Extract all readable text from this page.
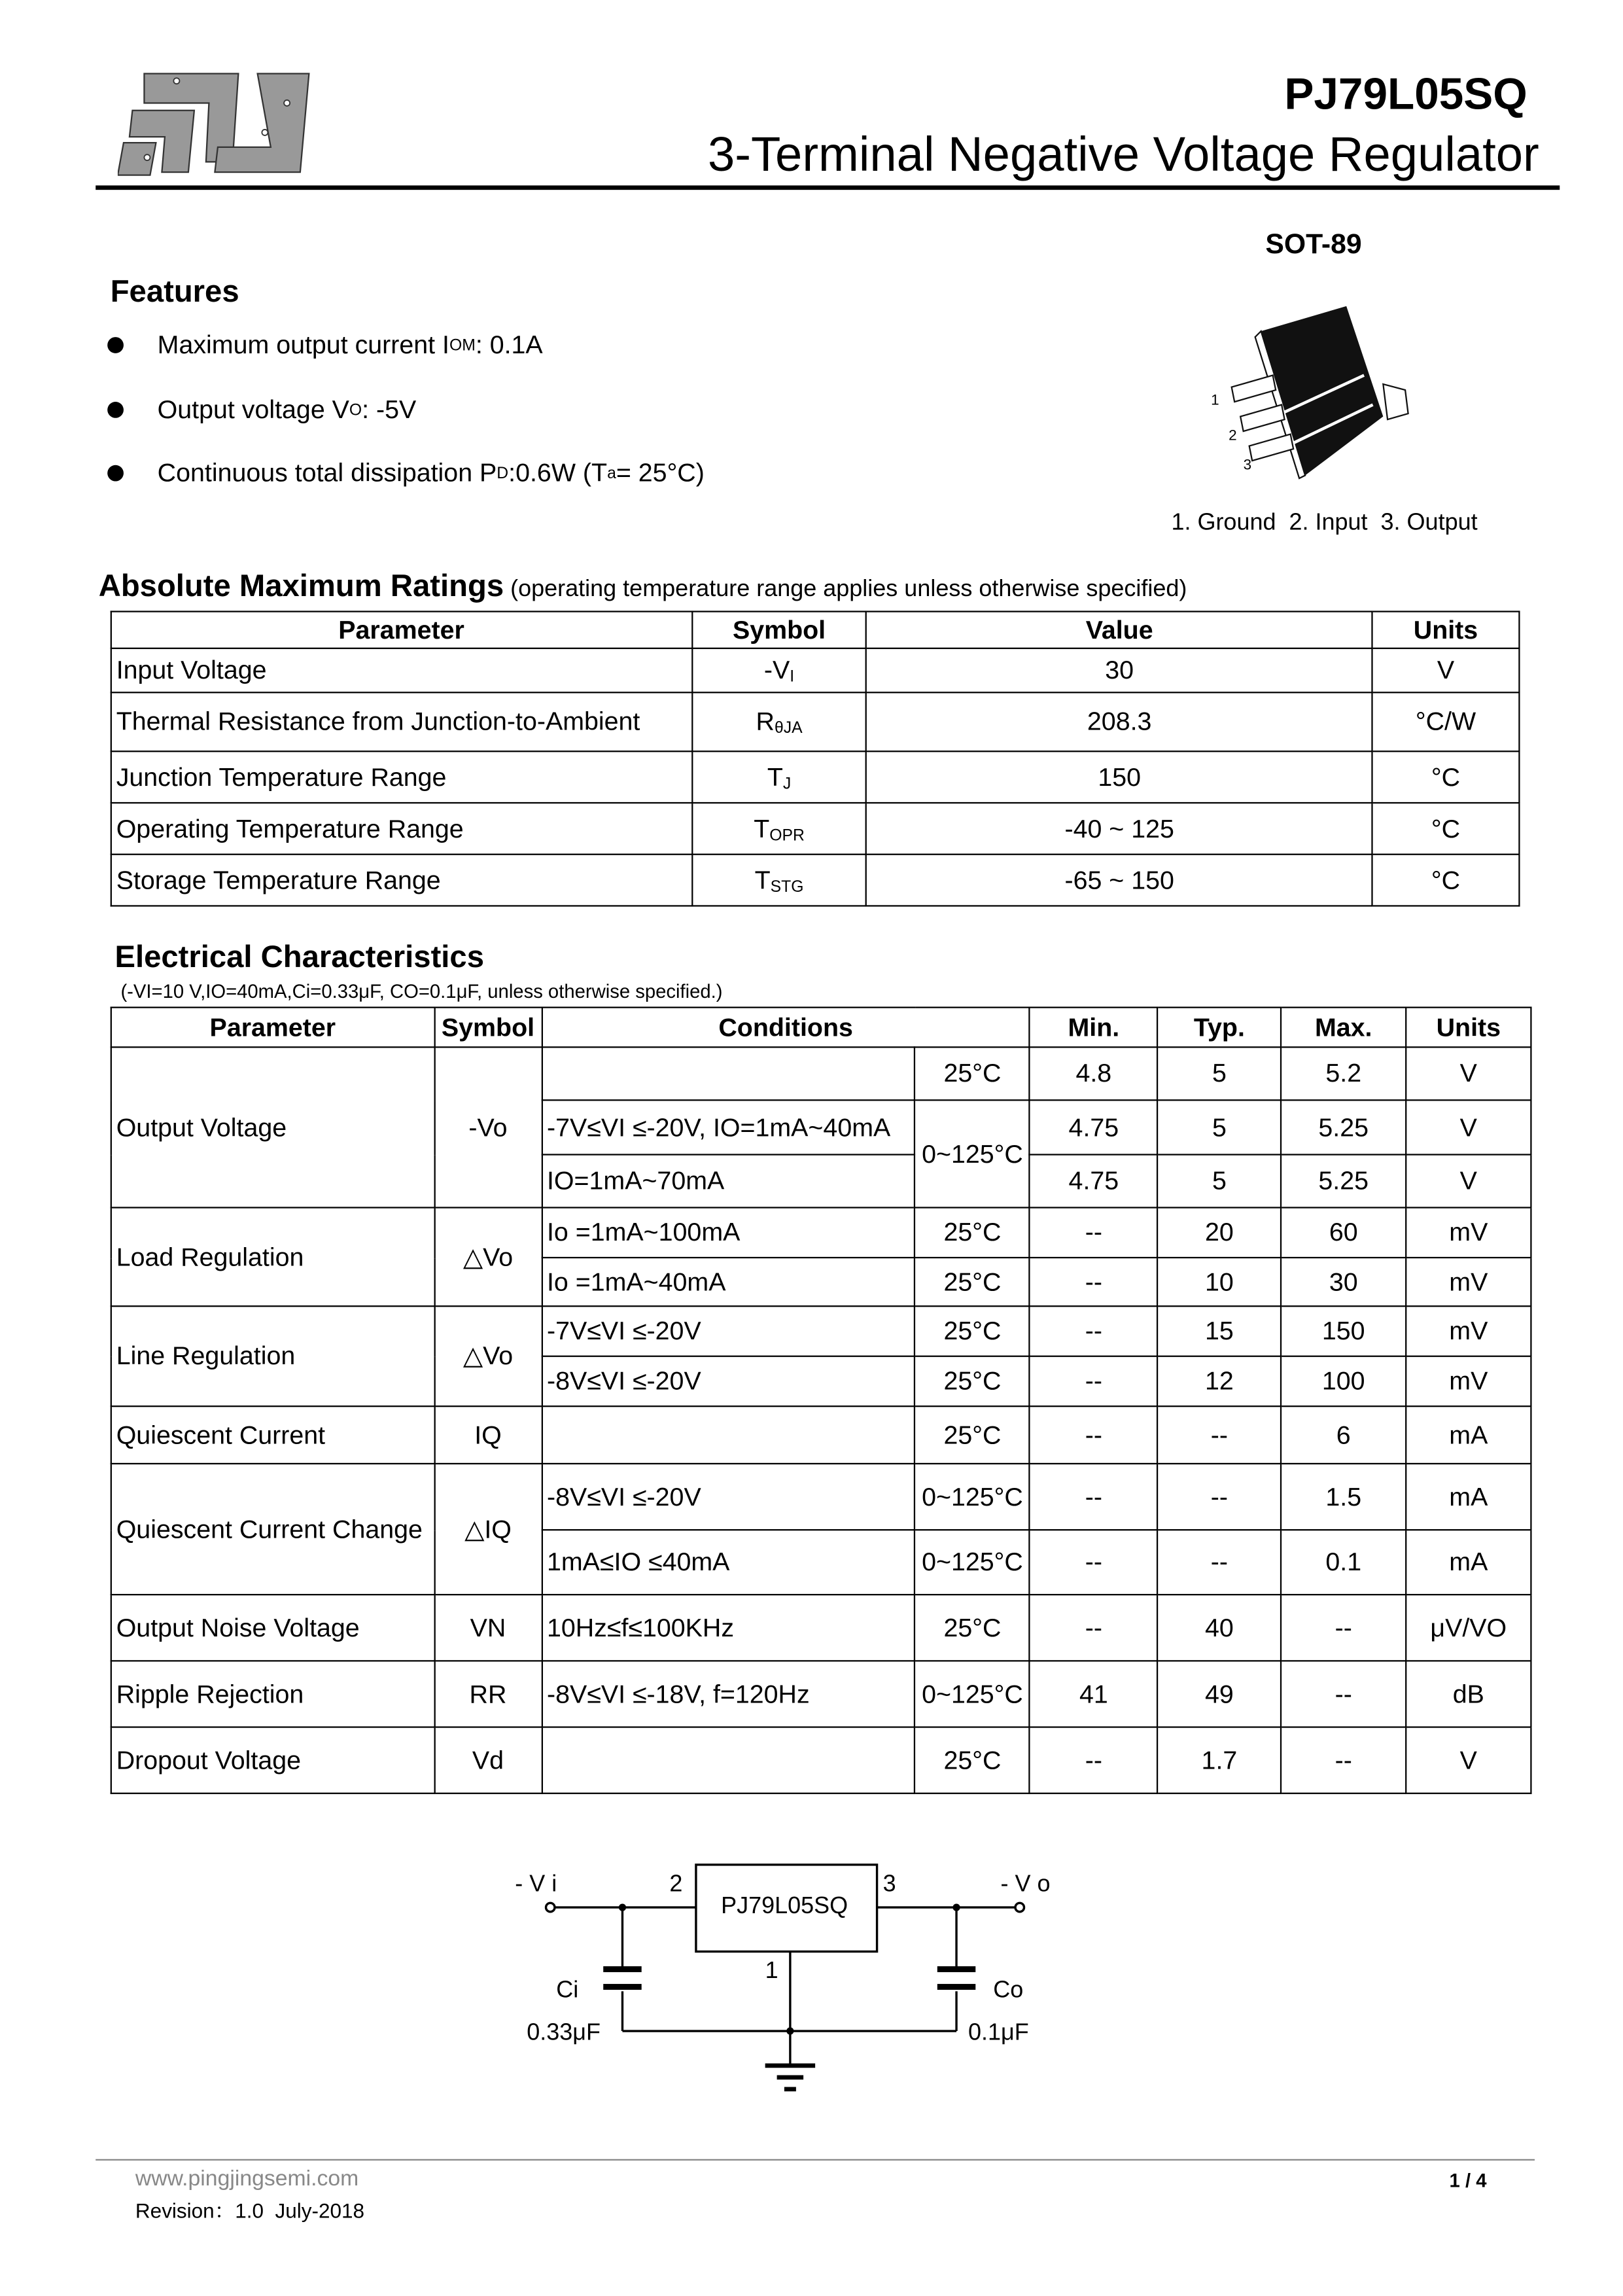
PJ79L05SQ
3-Terminal Negative Voltage Regulator
SOT-89
1
2
3
1. Ground  2. Input  3. Output
Features
Maximum output current I OM : 0.1A
Output voltage V O : -5V
Continuous total dissipation P D :0.6W (T a = 25°C)
Absolute Maximum Ratings (operating temperature range applies unless otherwise specified)
Parameter	Symbol	Value	Units
Input Voltage	$-V_I$	30	V
Thermal Resistance from Junction-to-Ambient	$R_{\theta JA}$	208.3	°C/W
Junction Temperature Range	$T_J$	150	°C
Operating Temperature Range	$T_{OPR}$	-40 ~ 125	°C
Storage Temperature Range	$T_{STG}$	-65 ~ 150	°C
Electrical Characteristics
(-VI=10 V,IO=40mA,Ci=0.33μF, CO=0.1μF, unless otherwise specified.)
Parameter	Symbol	Conditions		Min.	Typ.	Max.	Units
Output Voltage	-Vo		25°C	4.8	5	5.2	V
		-7V≤VI ≤-20V, IO=1mA~40mA	0~125°C	4.75	5	5.25	V
		IO=1mA~70mA		4.75	5	5.25	V
Load Regulation	△Vo	Io =1mA~100mA	25°C	--	20	60	mV
		Io =1mA~40mA	25°C	--	10	30	mV
Line Regulation	△Vo	-7V≤VI ≤-20V	25°C	--	15	150	mV
		-8V≤VI ≤-20V	25°C	--	12	100	mV
Quiescent Current	IQ		25°C	--	--	6	mA
Quiescent Current Change	△IQ	-8V≤VI ≤-20V	0~125°C	--	--	1.5	mA
		1mA≤IO ≤40mA	0~125°C	--	--	0.1	mA
Output Noise Voltage	VN	10Hz≤f≤100KHz	25°C	--	40	--	μV/VO
Ripple Rejection	RR	-8V≤VI ≤-18V, f=120Hz	0~125°C	41	49	--	dB
Dropout Voltage	Vd		25°C	--	1.7	--	V
- V i	- V o
2	3
1
PJ79L05SQ
Ci
0.33μF
Co
0.1μF
www.pingjingsemi.com	1 / 4
Revision：1.0  July-2018
